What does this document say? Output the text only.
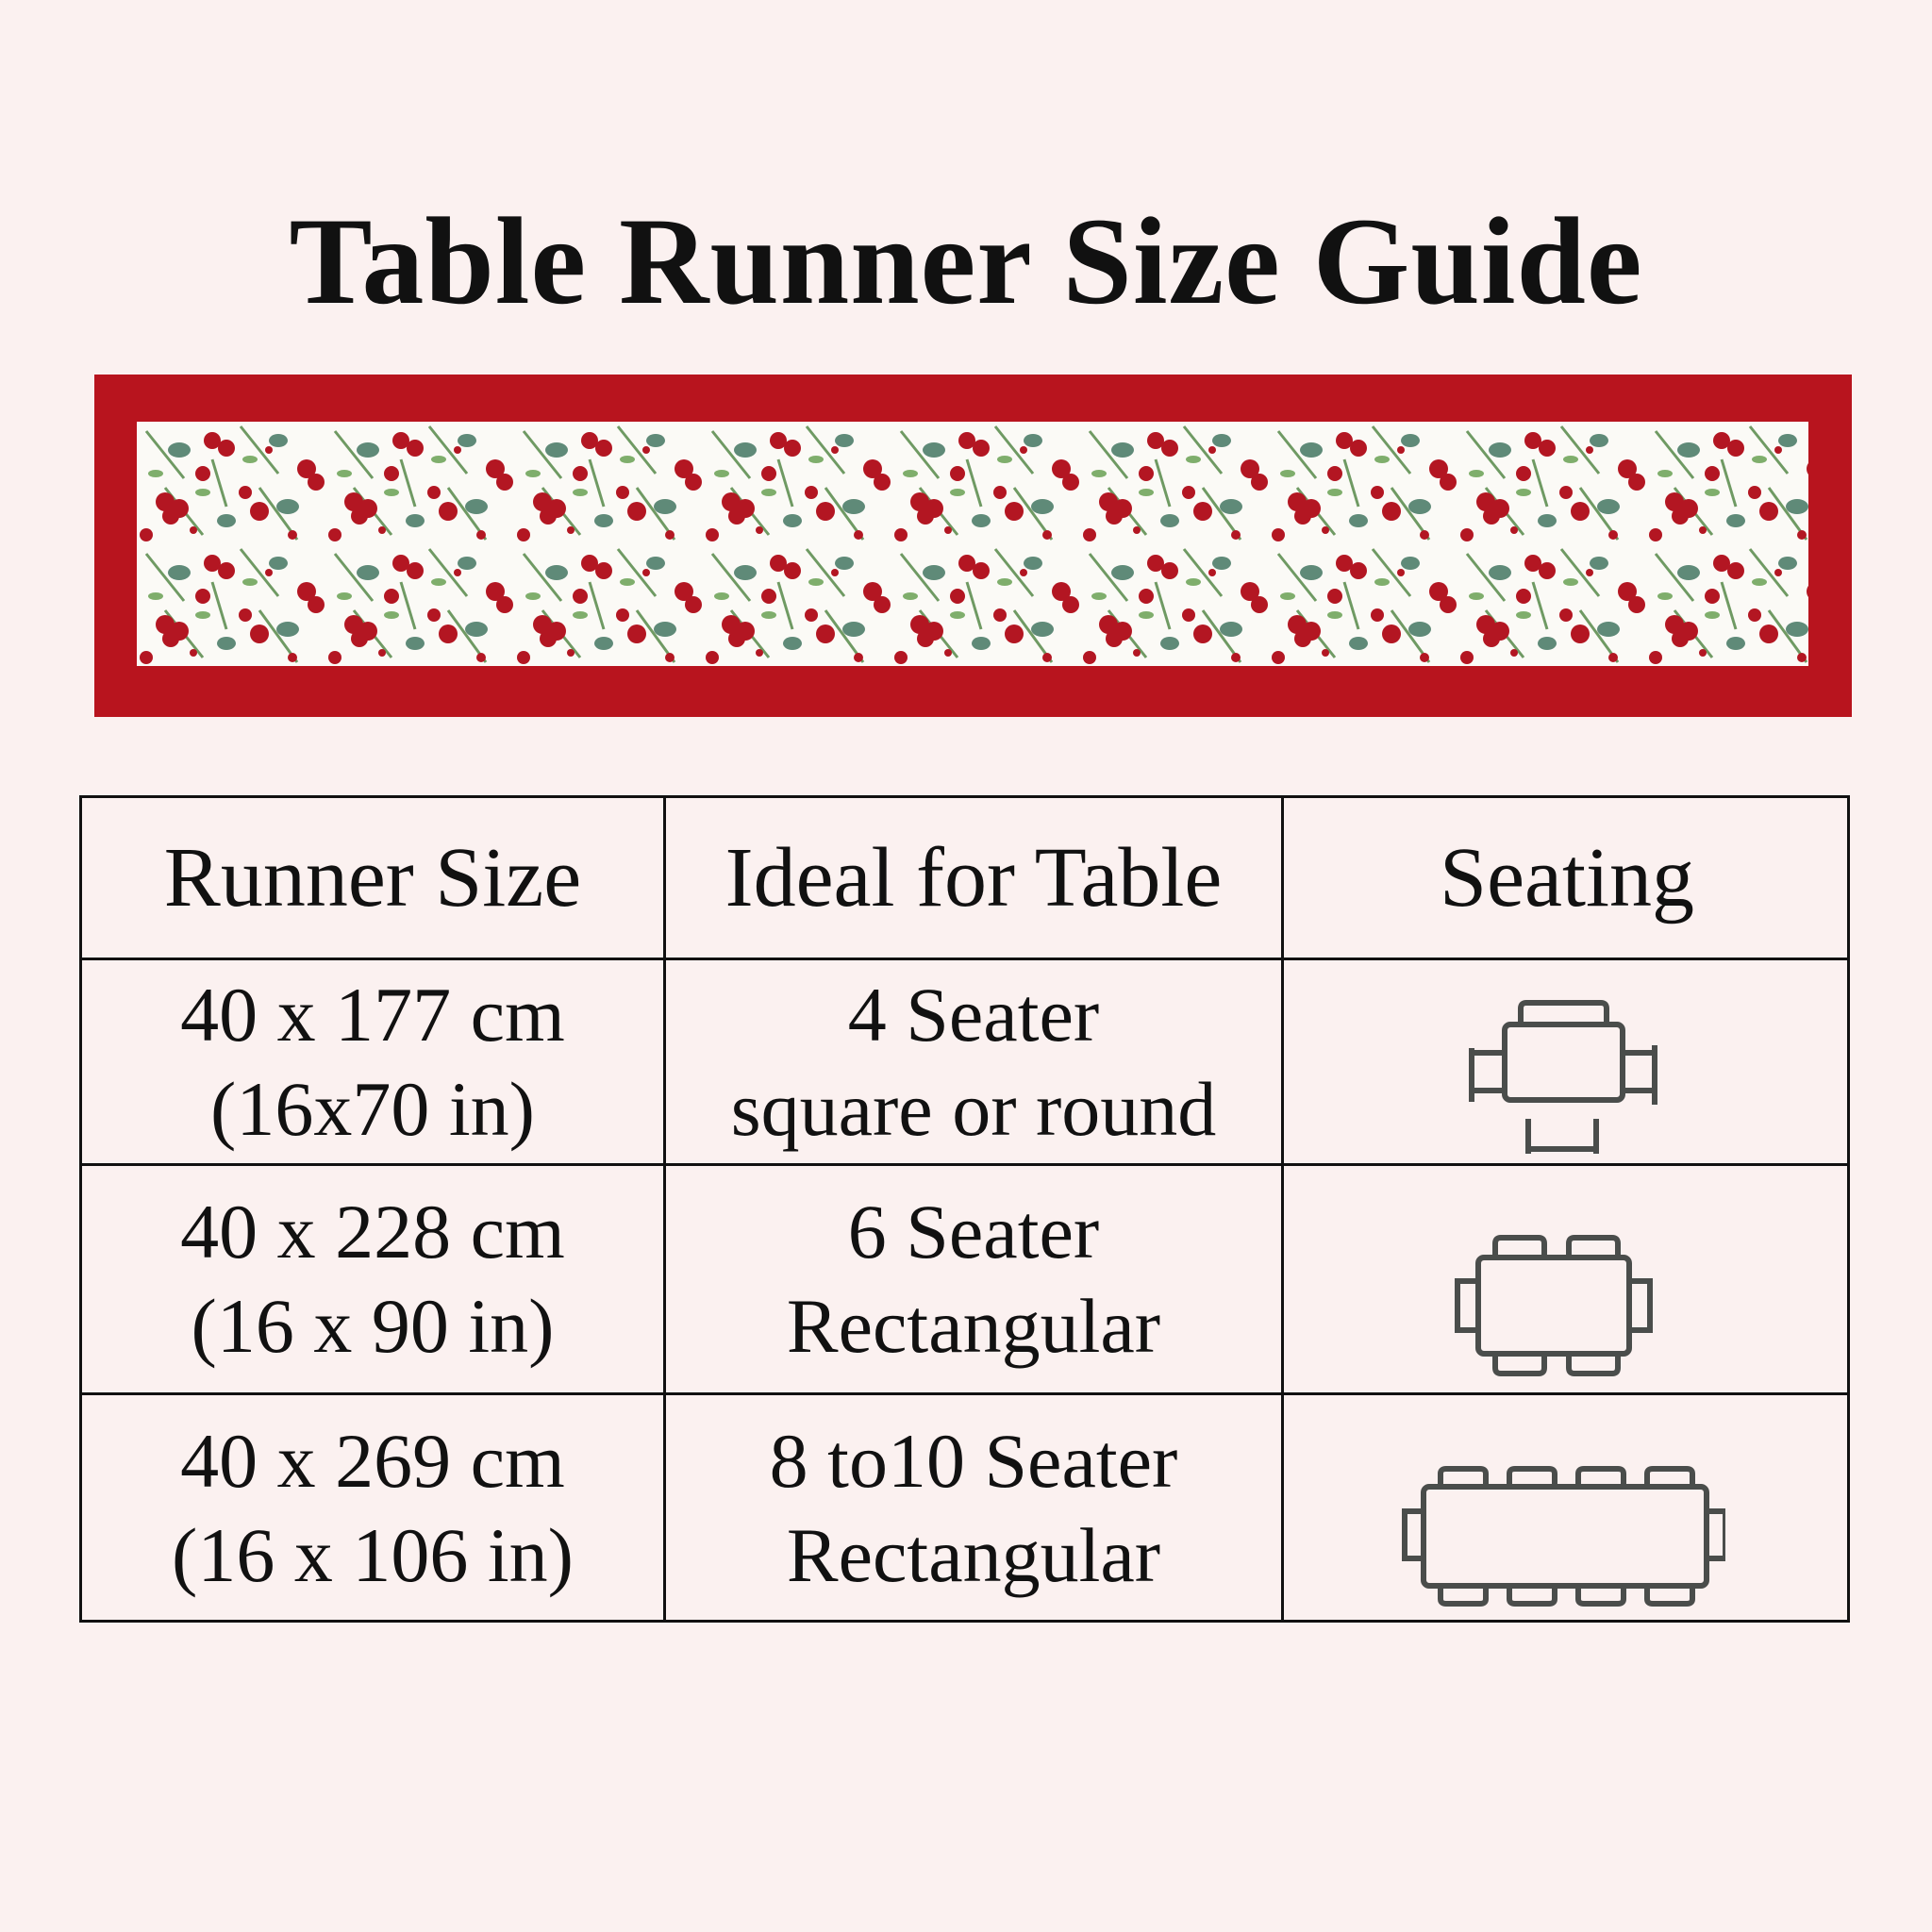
Table Runner Size Guide
Runner Size	Ideal for Table	Seating
40 x 177 cm
(16x70 in)
4 Seater
square or round
40 x 228 cm
(16 x 90 in)
6 Seater
Rectangular
40 x 269 cm
(16 x 106 in)
8 to10 Seater
Rectangular
